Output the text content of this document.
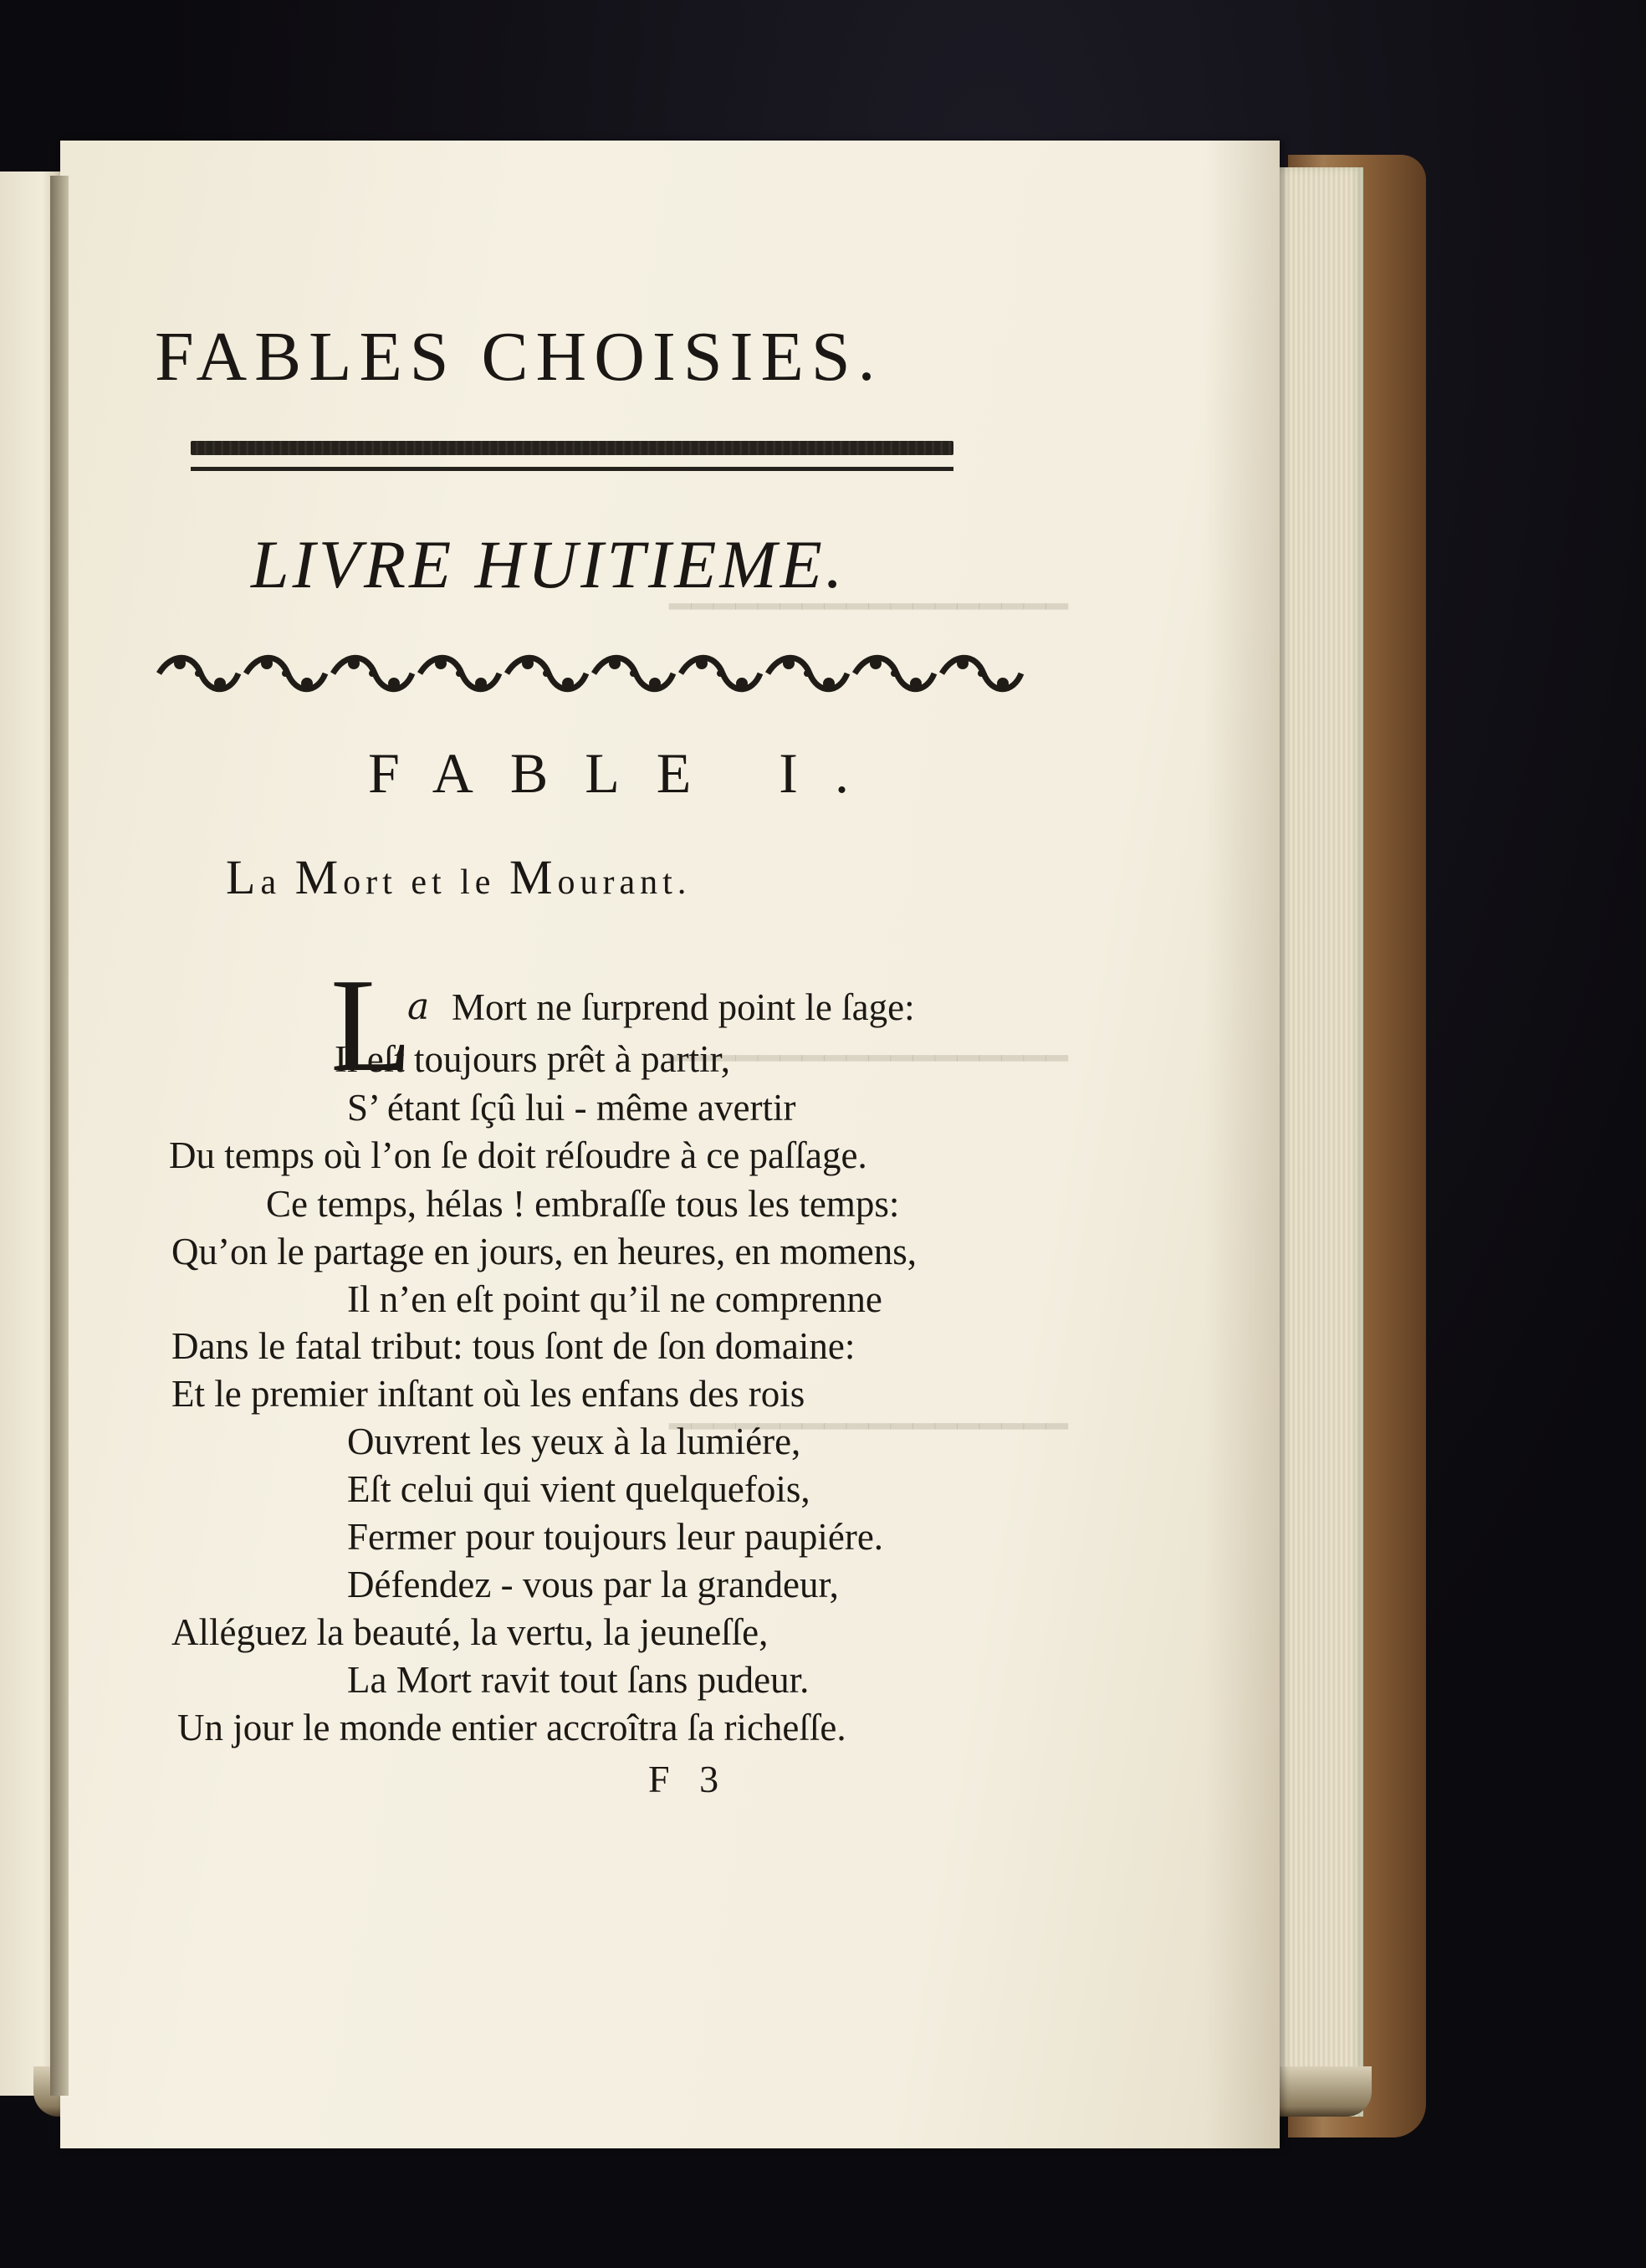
━━━━━━━━━━━━━━━━━━
━━━━━━━━━━━━━━━━━━
━━━━━━━━━━━━━━━━━━
FABLES CHOISIES.
LIVRE HUITIEME.
FABLE I.
La Mort et le Mourant.
L
a Mort ne ſurprend point le ſage:
Il eſt toujours prêt à partir,
S’ étant ſçû lui - même avertir
Du temps où l’on ſe doit réſoudre à ce paſſage.
Ce temps, hélas ! embraſſe tous les temps:
Qu’on le partage en jours, en heures, en momens,
Il n’en eſt point qu’il ne comprenne
Dans le fatal tribut: tous ſont de ſon domaine:
Et le premier inſtant où les enfans des rois
Ouvrent les yeux à la lumiére,
Eſt celui qui vient quelquefois,
Fermer pour toujours leur paupiére.
Défendez - vous par la grandeur,
Alléguez la beauté, la vertu, la jeuneſſe,
La Mort ravit tout ſans pudeur.
Un jour le monde entier accroîtra ſa richeſſe.
F 3
